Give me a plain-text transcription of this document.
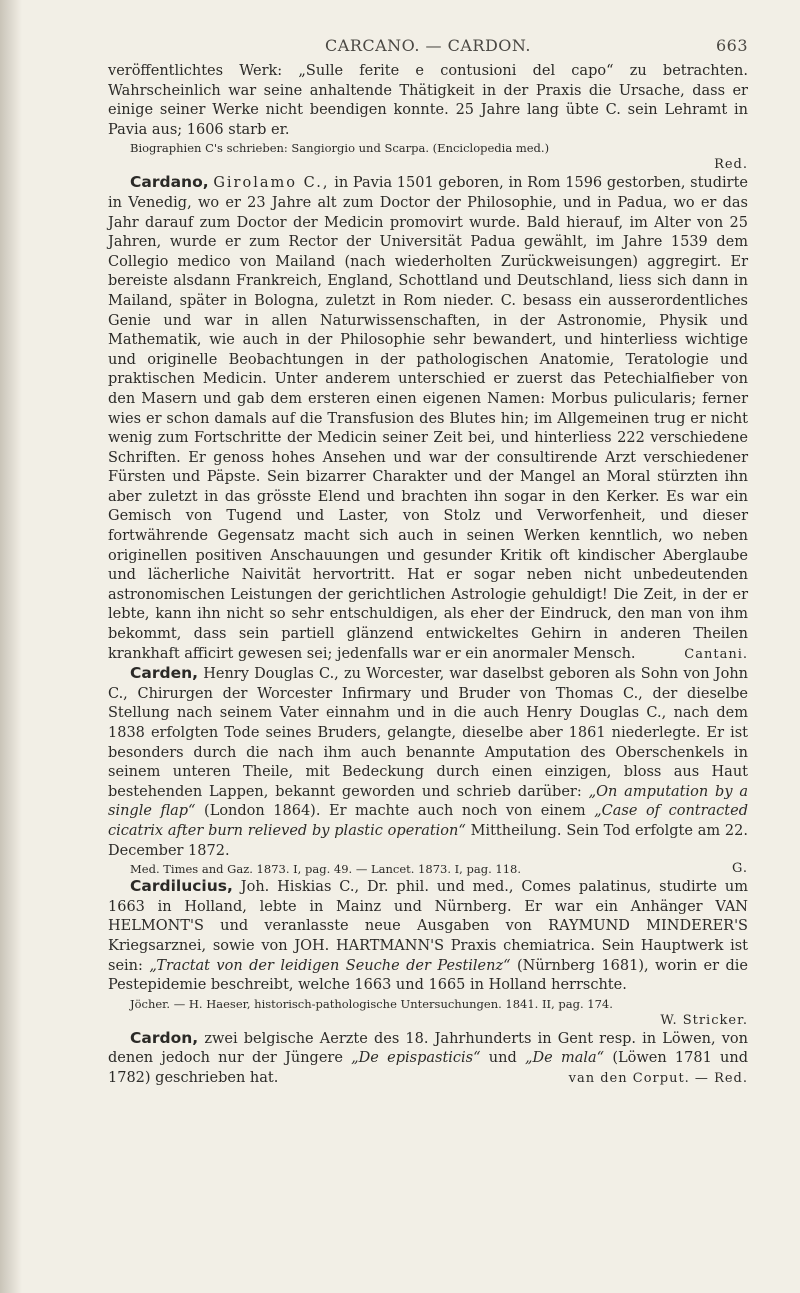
CARCANO. — CARDON.	663

veröffentlichtes Werk: „Sulle ferite e contusioni del capo“ zu betrachten. Wahrscheinlich war seine anhaltende Thätigkeit in der Praxis die Ursache, dass er einige seiner Werke nicht beendigen konnte. 25 Jahre lang übte C. sein Lehramt in Pavia aus; 1606 starb er.

Biographien C's schrieben: Sangiorgio und Scarpa. (Enciclopedia med.)
Red.

Cardano, Girolamo C., in Pavia 1501 geboren, in Rom 1596 gestorben, studirte in Venedig, wo er 23 Jahre alt zum Doctor der Philosophie, und in Padua, wo er das Jahr darauf zum Doctor der Medicin promovirt wurde. Bald hierauf, im Alter von 25 Jahren, wurde er zum Rector der Universität Padua gewählt, im Jahre 1539 dem Collegio medico von Mailand (nach wiederholten Zurückweisungen) aggregirt. Er bereiste alsdann Frankreich, England, Schottland und Deutschland, liess sich dann in Mailand, später in Bologna, zuletzt in Rom nieder. C. besass ein ausserordentliches Genie und war in allen Naturwissenschaften, in der Astronomie, Physik und Mathematik, wie auch in der Philosophie sehr bewandert, und hinterliess wichtige und originelle Beobachtungen in der pathologischen Anatomie, Teratologie und praktischen Medicin. Unter anderem unterschied er zuerst das Petechialfieber von den Masern und gab dem ersteren einen eigenen Namen: Morbus pulicularis; ferner wies er schon damals auf die Transfusion des Blutes hin; im Allgemeinen trug er nicht wenig zum Fortschritte der Medicin seiner Zeit bei, und hinterliess 222 verschiedene Schriften. Er genoss hohes Ansehen und war der consultirende Arzt verschiedener Fürsten und Päpste. Sein bizarrer Charakter und der Mangel an Moral stürzten ihn aber zuletzt in das grösste Elend und brachten ihn sogar in den Kerker. Es war ein Gemisch von Tugend und Laster, von Stolz und Verworfenheit, und dieser fortwährende Gegensatz macht sich auch in seinen Werken kenntlich, wo neben originellen positiven Anschauungen und gesunder Kritik oft kindischer Aberglaube und lächerliche Naivität hervortritt. Hat er sogar neben nicht unbedeutenden astronomischen Leistungen der gerichtlichen Astrologie gehuldigt! Die Zeit, in der er lebte, kann ihn nicht so sehr entschuldigen, als eher der Eindruck, den man von ihm bekommt, dass sein partiell glänzend entwickeltes Gehirn in anderen Theilen krankhaft afficirt gewesen sei; jedenfalls war er ein anormaler Mensch.	Cantani.

Carden, Henry Douglas C., zu Worcester, war daselbst geboren als Sohn von John C., Chirurgen der Worcester Infirmary und Bruder von Thomas C., der dieselbe Stellung nach seinem Vater einnahm und in die auch Henry Douglas C., nach dem 1838 erfolgten Tode seines Bruders, gelangte, dieselbe aber 1861 niederlegte. Er ist besonders durch die nach ihm auch benannte Amputation des Oberschenkels in seinem unteren Theile, mit Bedeckung durch einen einzigen, bloss aus Haut bestehenden Lappen, bekannt geworden und schrieb darüber: „On amputation by a single flap“ (London 1864). Er machte auch noch von einem „Case of contracted cicatrix after burn relieved by plastic operation“ Mittheilung. Sein Tod erfolgte am 22. December 1872.

Med. Times and Gaz. 1873. I, pag. 49. — Lancet. 1873. I, pag. 118.	G.

Cardilucius, Joh. Hiskias C., Dr. phil. und med., Comes palatinus, studirte um 1663 in Holland, lebte in Mainz und Nürnberg. Er war ein Anhänger VAN HELMONT'S und veranlasste neue Ausgaben von RAYMUND MINDERER'S Kriegsarznei, sowie von JOH. HARTMANN'S Praxis chemiatrica. Sein Hauptwerk ist sein: „Tractat von der leidigen Seuche der Pestilenz“ (Nürnberg 1681), worin er die Pestepidemie beschreibt, welche 1663 und 1665 in Holland herrschte.

Jöcher. — H. Haeser, historisch-pathologische Untersuchungen. 1841. II, pag. 174.
W. Stricker.

Cardon, zwei belgische Aerzte des 18. Jahrhunderts in Gent resp. in Löwen, von denen jedoch nur der Jüngere „De epispasticis“ und „De mala“ (Löwen 1781 und 1782) geschrieben hat.	van den Corput. — Red.
